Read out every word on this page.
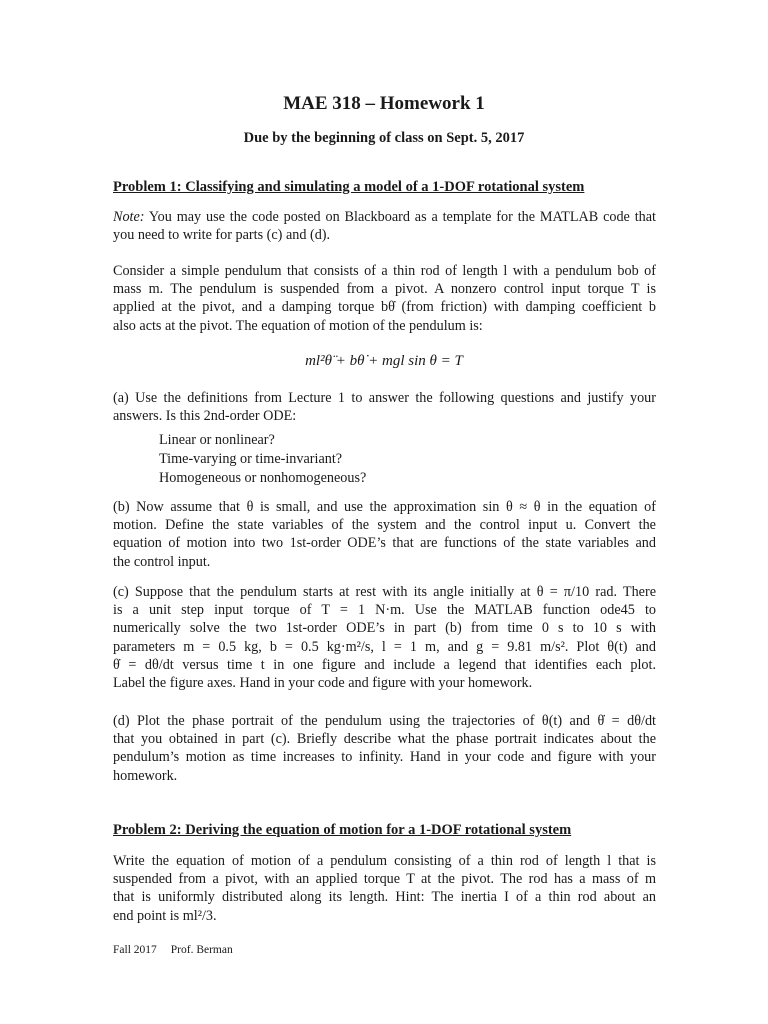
MAE 318 – Homework 1
Due by the beginning of class on Sept. 5, 2017
Problem 1: Classifying and simulating a model of a 1-DOF rotational system
Note: You may use the code posted on Blackboard as a template for the MATLAB code that you need to write for parts (c) and (d).
Consider a simple pendulum that consists of a thin rod of length l with a pendulum bob of
mass m. The pendulum is suspended from a pivot. A nonzero control input torque T is
applied at the pivot, and a damping torque bθ̇ (from friction) with damping coefficient b
also acts at the pivot. The equation of motion of the pendulum is:
ml²θ̈ + bθ̇ + mgl sin θ = T
(a) Use the definitions from Lecture 1 to answer the following questions and justify your
answers. Is this 2nd-order ODE:
Linear or nonlinear?
Time-varying or time-invariant?
Homogeneous or nonhomogeneous?
(b) Now assume that θ is small, and use the approximation sin θ ≈ θ in the equation of
motion. Define the state variables of the system and the control input u. Convert the
equation of motion into two 1st-order ODE’s that are functions of the state variables and
the control input.
(c) Suppose that the pendulum starts at rest with its angle initially at θ = π/10 rad. There
is a unit step input torque of T = 1 N·m. Use the MATLAB function ode45 to
numerically solve the two 1st-order ODE’s in part (b) from time 0 s to 10 s with
parameters m = 0.5 kg, b = 0.5 kg·m²/s, l = 1 m, and g = 9.81 m/s². Plot θ(t) and
θ̇ = dθ/dt versus time t in one figure and include a legend that identifies each plot.
Label the figure axes. Hand in your code and figure with your homework.
(d) Plot the phase portrait of the pendulum using the trajectories of θ(t) and θ̇ = dθ/dt
that you obtained in part (c). Briefly describe what the phase portrait indicates about the
pendulum’s motion as time increases to infinity. Hand in your code and figure with your
homework.
Problem 2: Deriving the equation of motion for a 1-DOF rotational system
Write the equation of motion of a pendulum consisting of a thin rod of length l that is
suspended from a pivot, with an applied torque T at the pivot. The rod has a mass of m
that is uniformly distributed along its length. Hint: The inertia I of a thin rod about an
end point is ml²/3.
Fall 2017 Prof. Berman
